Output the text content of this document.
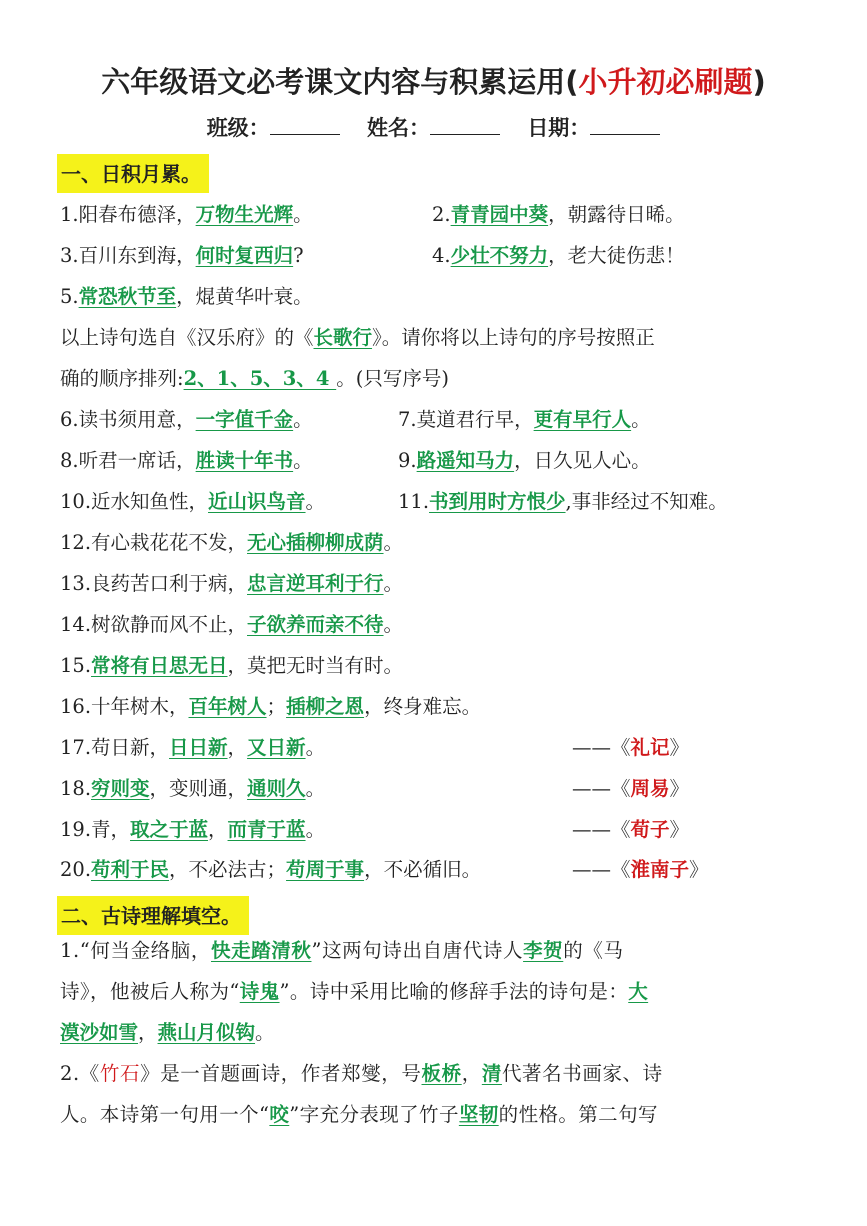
六年级语文必考课文内容与积累运用(小升初必刷题)
班级：	姓名：	日期：
一、日积月累。
1.阳春布德泽，万物生光辉。	2.青青园中葵，朝露待日晞。
3.百川东到海，何时复西归?	4.少壮不努力，老大徒伤悲！
5.常恐秋节至，焜黄华叶衰。
以上诗句选自《汉乐府》的《长歌行》。请你将以上诗句的序号按照正
确的顺序排列:2、1、5、3、4 。(只写序号)
6.读书须用意，一字值千金。	7.莫道君行早，更有早行人。
8.听君一席话，胜读十年书。	9.路遥知马力，日久见人心。
10.近水知鱼性，近山识鸟音。	11.书到用时方恨少,事非经过不知难。
12.有心栽花花不发，无心插柳柳成荫。
13.良药苦口利于病，忠言逆耳利于行。
14.树欲静而风不止，子欲养而亲不待。
15.常将有日思无日，莫把无时当有时。
16.十年树木，百年树人；插柳之恩，终身难忘。
17.苟日新，日日新，又日新。	——《礼记》
18.穷则变，变则通，通则久。	——《周易》
19.青，取之于蓝，而青于蓝。	——《荀子》
20.苟利于民，不必法古；苟周于事，不必循旧。	——《淮南子》
二、古诗理解填空。
1.“何当金络脑，快走踏清秋”这两句诗出自唐代诗人李贺的《马
诗》，他被后人称为“诗鬼”。诗中采用比喻的修辞手法的诗句是：大
漠沙如雪，燕山月似钩。
2.《竹石》是一首题画诗，作者郑燮，号板桥，清代著名书画家、诗
人。本诗第一句用一个“咬”字充分表现了竹子坚韧的性格。第二句写
